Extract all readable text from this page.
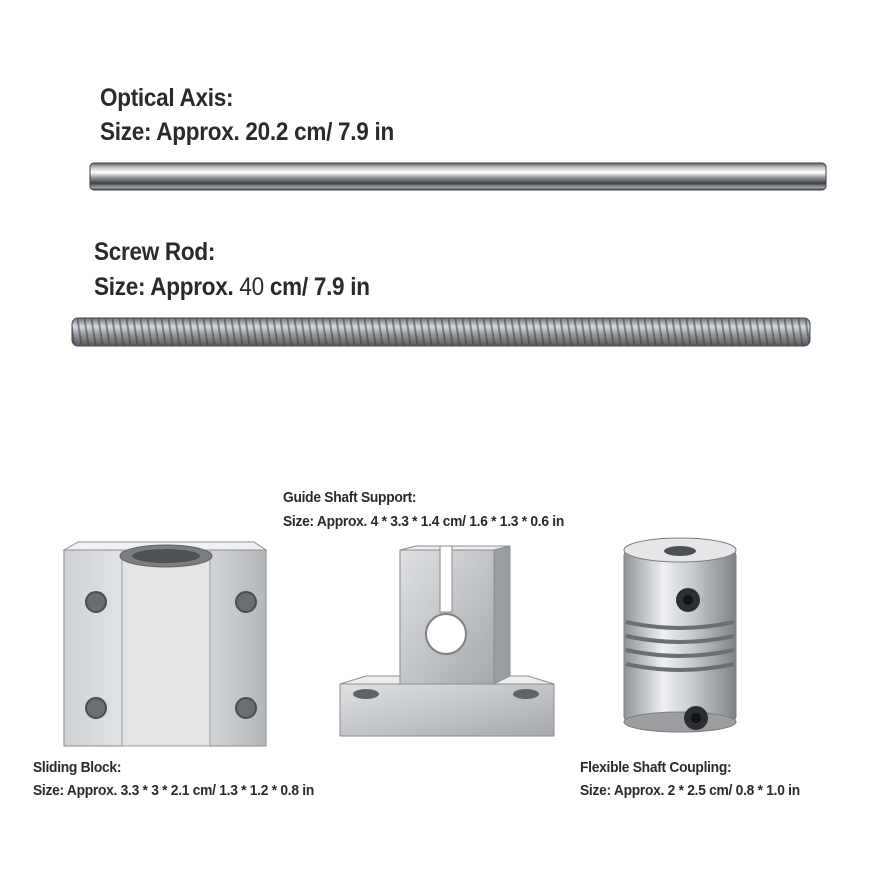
Optical Axis:
Size: Approx. 20.2 cm/ 7.9 in
Screw Rod:
Size: Approx. 40 cm/ 7.9 in
Guide Shaft Support:
Size: Approx. 4 * 3.3 * 1.4 cm/ 1.6 * 1.3 * 0.6 in
Sliding Block:
Size: Approx. 3.3 * 3 * 2.1 cm/ 1.3 * 1.2 * 0.8 in
Flexible Shaft Coupling:
Size: Approx. 2 * 2.5 cm/ 0.8 * 1.0 in
